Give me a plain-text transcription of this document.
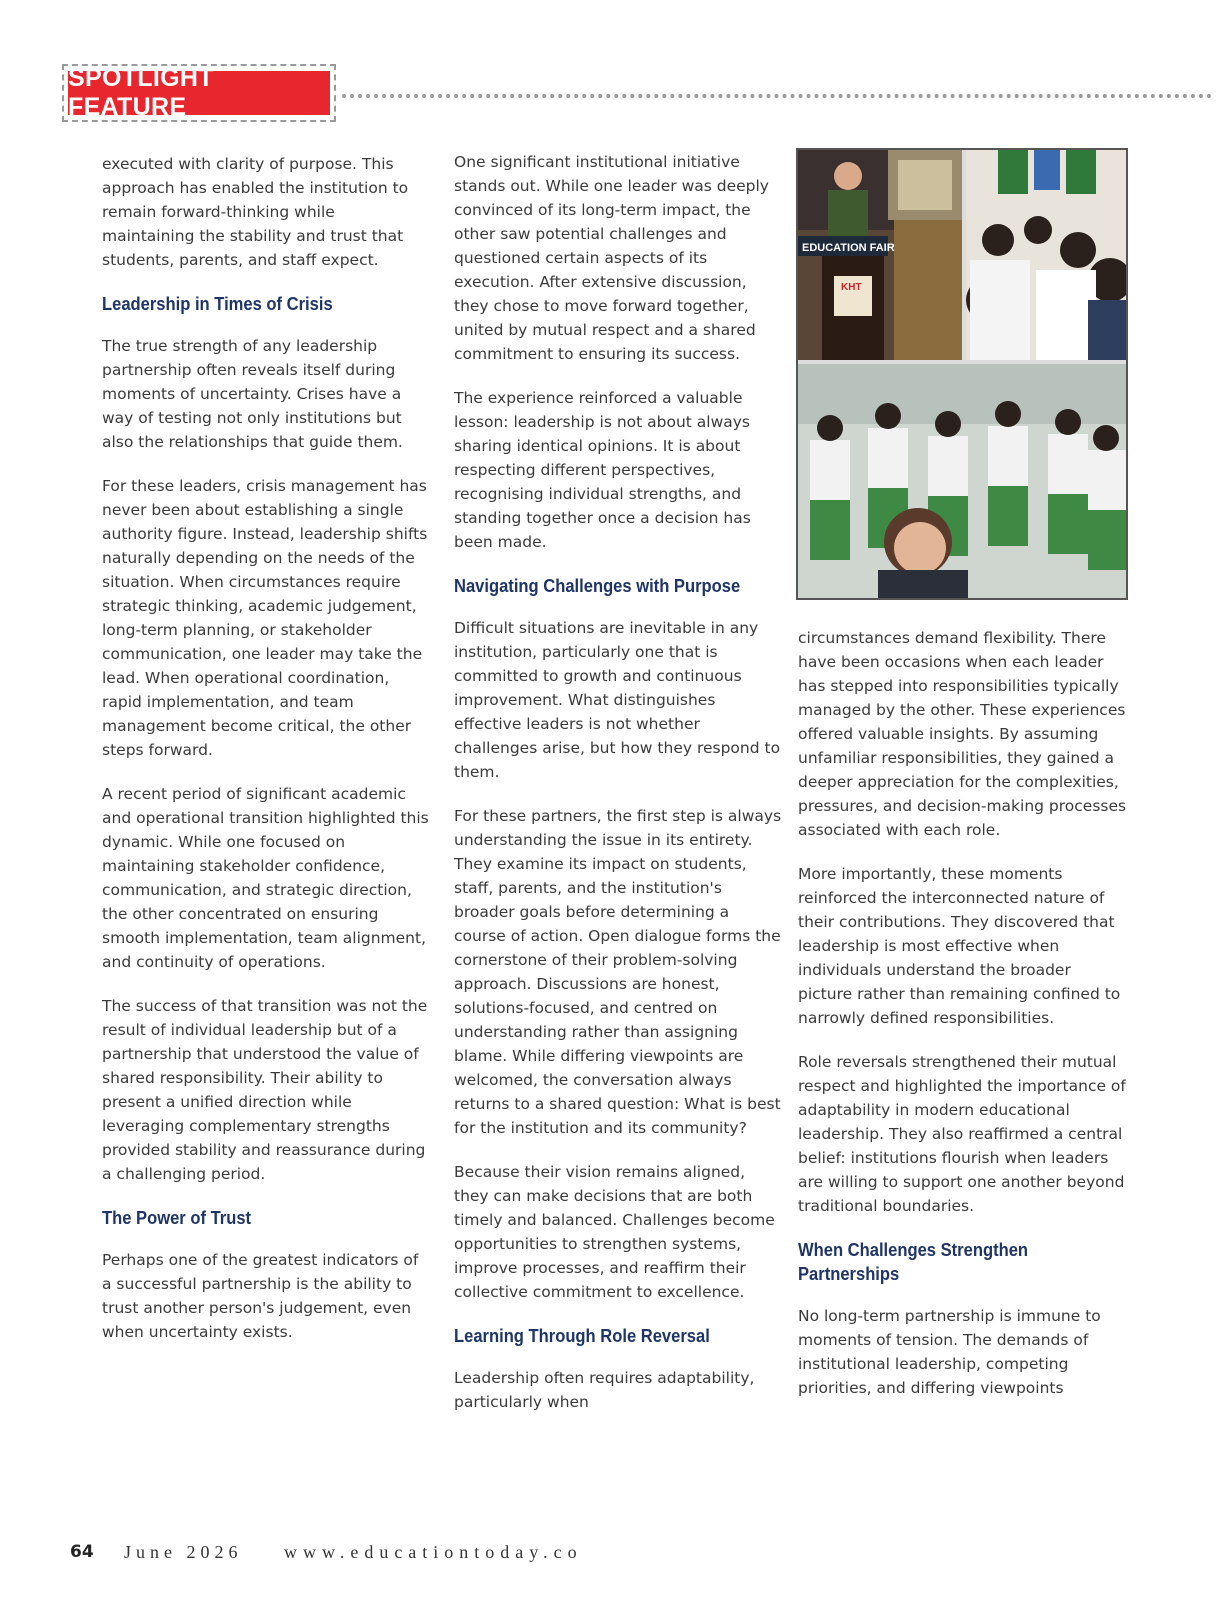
SPOTLIGHT FEATURE

executed with clarity of purpose. This approach has enabled the institution to remain forward-thinking while maintaining the stability and trust that students, parents, and staff expect.

Leadership in Times of Crisis

The true strength of any leadership partnership often reveals itself during moments of uncertainty. Crises have a way of testing not only institutions but also the relationships that guide them.

For these leaders, crisis management has never been about establishing a single authority figure. Instead, leadership shifts naturally depending on the needs of the situation. When circumstances require strategic thinking, academic judgement, long-term planning, or stakeholder communication, one leader may take the lead. When operational coordination, rapid implementation, and team management become critical, the other steps forward.

A recent period of significant academic and operational transition highlighted this dynamic. While one focused on maintaining stakeholder confidence, communication, and strategic direction, the other concentrated on ensuring smooth implementation, team alignment, and continuity of operations.

The success of that transition was not the result of individual leadership but of a partnership that understood the value of shared responsibility. Their ability to present a unified direction while leveraging complementary strengths provided stability and reassurance during a challenging period.

The Power of Trust

Perhaps one of the greatest indicators of a successful partnership is the ability to trust another person's judgement, even when uncertainty exists.

One significant institutional initiative stands out. While one leader was deeply convinced of its long-term impact, the other saw potential challenges and questioned certain aspects of its execution. After extensive discussion, they chose to move forward together, united by mutual respect and a shared commitment to ensuring its success.

The experience reinforced a valuable lesson: leadership is not about always sharing identical opinions. It is about respecting different perspectives, recognising individual strengths, and standing together once a decision has been made.

Navigating Challenges with Purpose

Difficult situations are inevitable in any institution, particularly one that is committed to growth and continuous improvement. What distinguishes effective leaders is not whether challenges arise, but how they respond to them.

For these partners, the first step is always understanding the issue in its entirety. They examine its impact on students, staff, parents, and the institution's broader goals before determining a course of action. Open dialogue forms the cornerstone of their problem-solving approach. Discussions are honest, solutions-focused, and centred on understanding rather than assigning blame. While differing viewpoints are welcomed, the conversation always returns to a shared question: What is best for the institution and its community?

Because their vision remains aligned, they can make decisions that are both timely and balanced. Challenges become opportunities to strengthen systems, improve processes, and reaffirm their collective commitment to excellence.

Learning Through Role Reversal

Leadership often requires adaptability, particularly when

EDUCATION FAIR
KHT

circumstances demand flexibility. There have been occasions when each leader has stepped into responsibilities typically managed by the other. These experiences offered valuable insights. By assuming unfamiliar responsibilities, they gained a deeper appreciation for the complexities, pressures, and decision-making processes associated with each role.

More importantly, these moments reinforced the interconnected nature of their contributions. They discovered that leadership is most effective when individuals understand the broader picture rather than remaining confined to narrowly defined responsibilities.

Role reversals strengthened their mutual respect and highlighted the importance of adaptability in modern educational leadership. They also reaffirmed a central belief: institutions flourish when leaders are willing to support one another beyond traditional boundaries.

When Challenges Strengthen Partnerships

No long-term partnership is immune to moments of tension. The demands of institutional leadership, competing priorities, and differing viewpoints

64 June 2026 www.educationtoday.co
